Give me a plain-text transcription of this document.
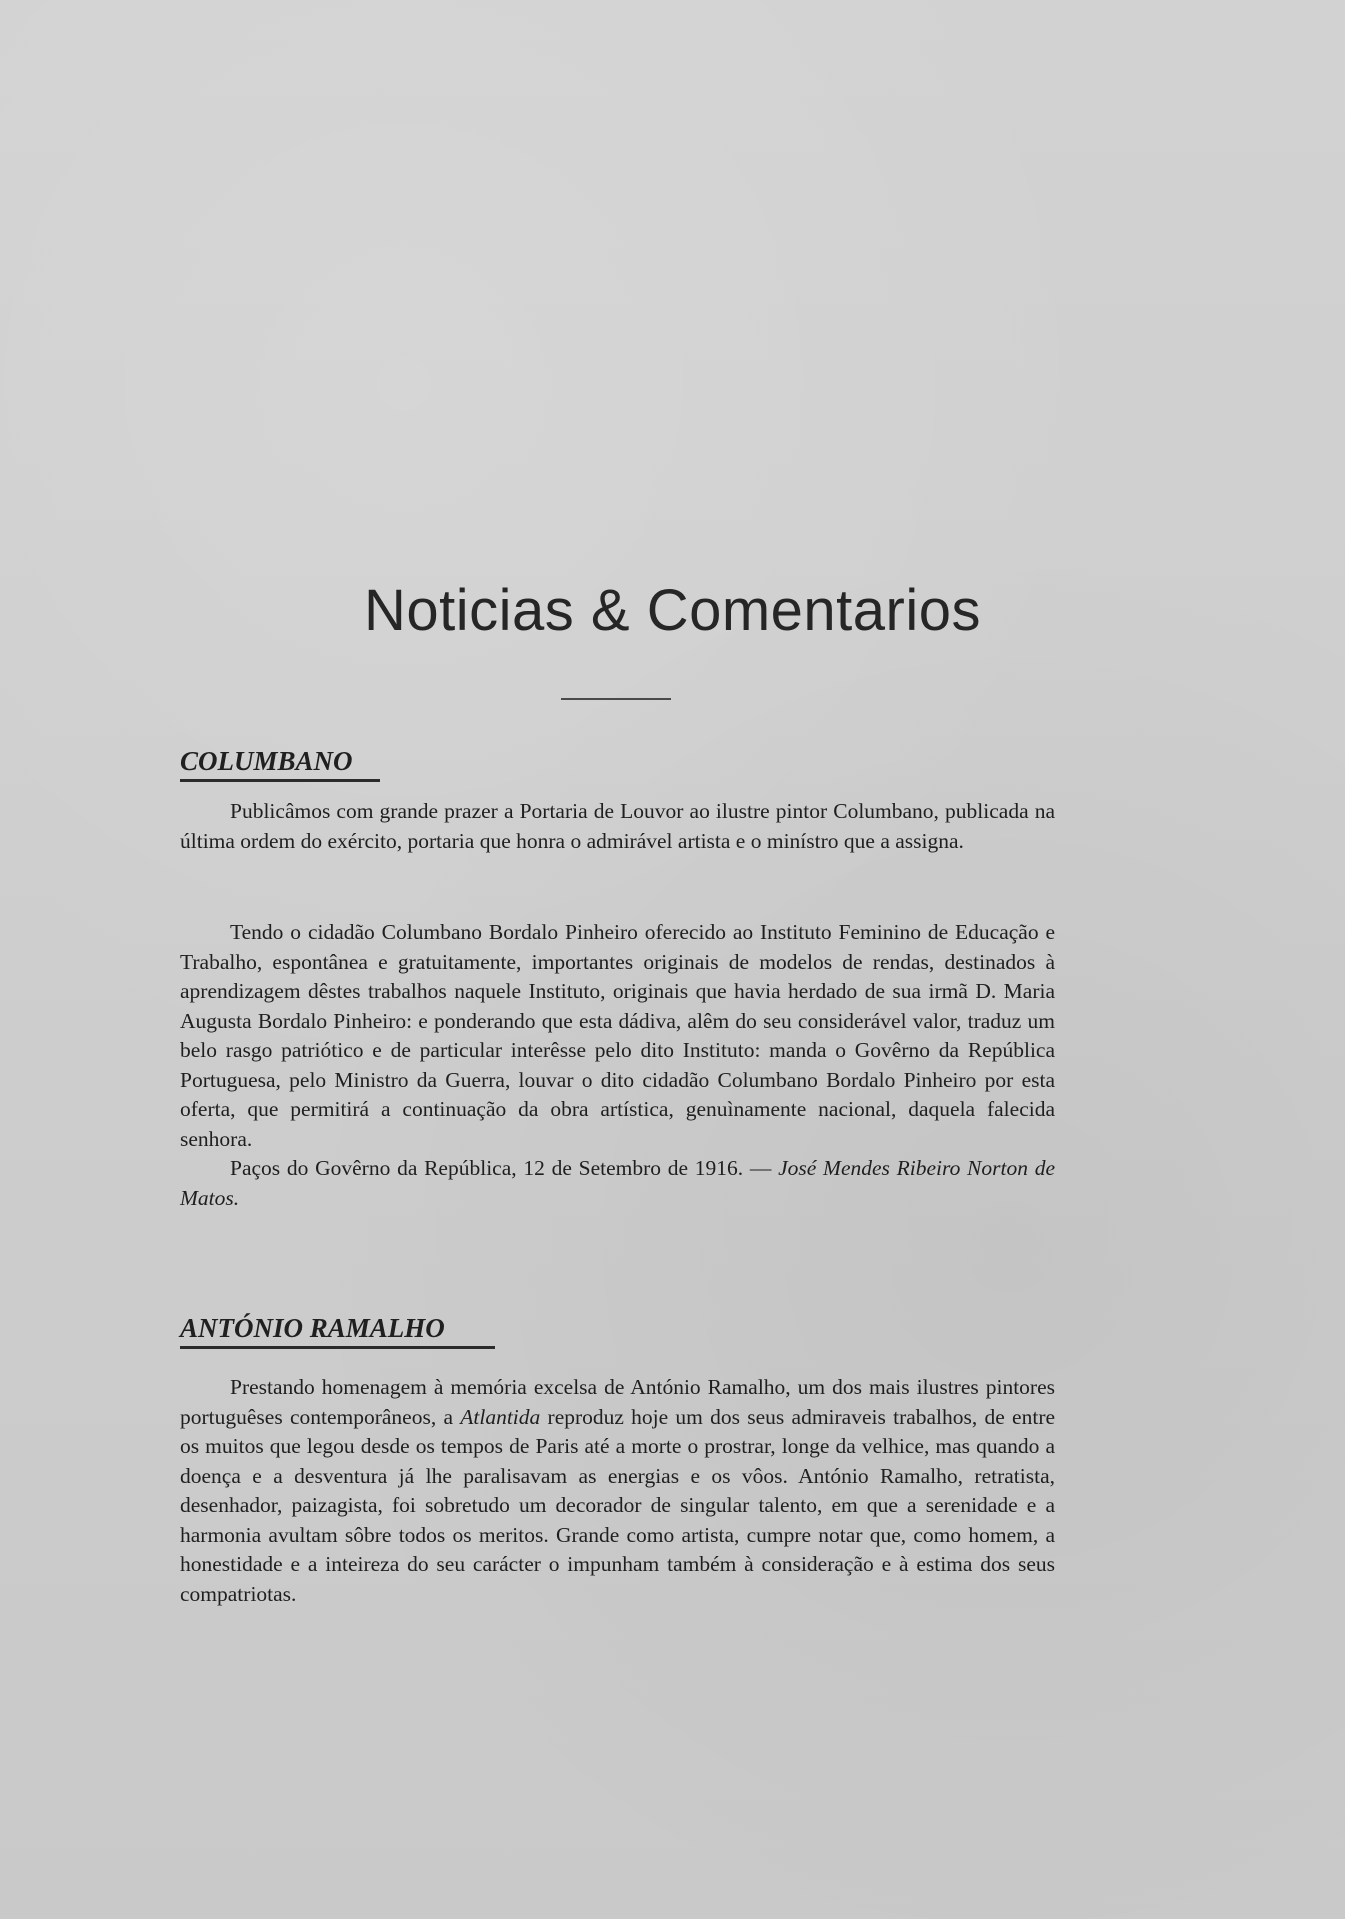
Noticias & Comentarios
COLUMBANO

Publicâmos com grande prazer a Portaria de Louvor ao ilustre pintor Columbano, publicada na última ordem do exército, portaria que honra o admirável artista e o minístro que a assigna.

Tendo o cidadão Columbano Bordalo Pinheiro oferecido ao Instituto Feminino de Educação e Trabalho, espontânea e gratuitamente, importantes originais de modelos de rendas, destinados à aprendizagem dêstes trabalhos naquele Instituto, originais que havia herdado de sua irmã D. Maria Augusta Bordalo Pinheiro: e ponderando que esta dádiva, alêm do seu considerável valor, traduz um belo rasgo patriótico e de particular interêsse pelo dito Instituto: manda o Govêrno da República Portuguesa, pelo Ministro da Guerra, louvar o dito cidadão Columbano Bordalo Pinheiro por esta oferta, que permitirá a continuação da obra artística, genuìnamente nacional, daquela falecida senhora.
Paços do Govêrno da República, 12 de Setembro de 1916. — José Mendes Ribeiro Norton de Matos.

ANTÓNIO RAMALHO

Prestando homenagem à memória excelsa de António Ramalho, um dos mais ilustres pintores portuguêses contemporâneos, a Atlantida reproduz hoje um dos seus admiraveis trabalhos, de entre os muitos que legou desde os tempos de Paris até a morte o prostrar, longe da velhice, mas quando a doença e a desventura já lhe paralisavam as energias e os vôos. António Ramalho, retratista, desenhador, paizagista, foi sobretudo um decorador de singular talento, em que a serenidade e a harmonia avultam sôbre todos os meritos. Grande como artista, cumpre notar que, como homem, a honestidade e a inteireza do seu carácter o impunham também à consideração e à estima dos seus compatriotas.
